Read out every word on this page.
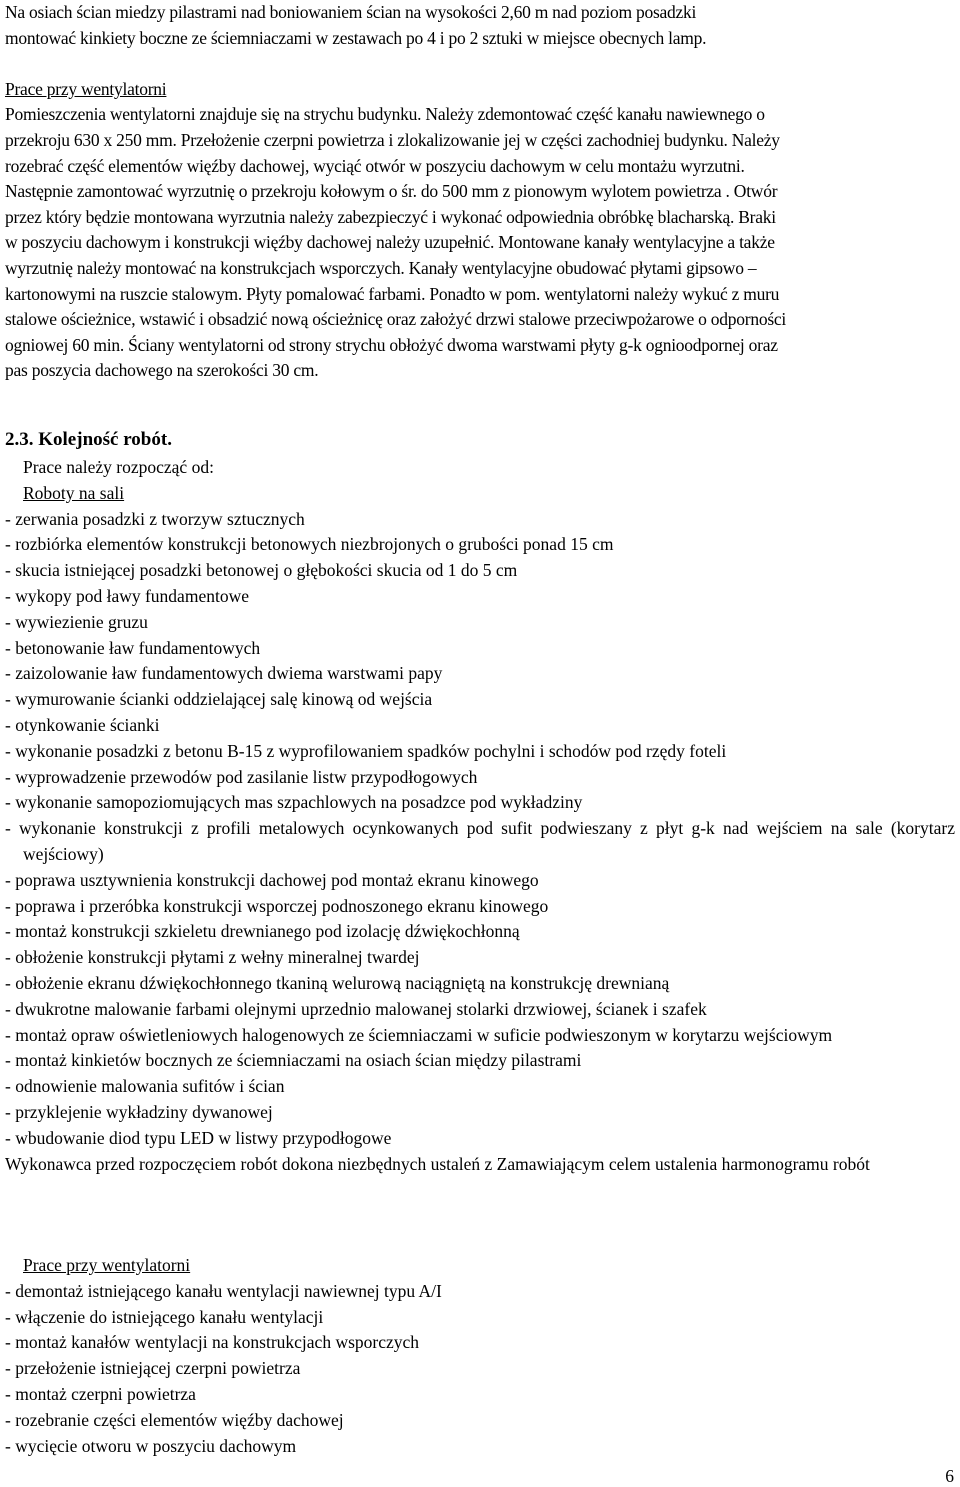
Na osiach ścian miedzy pilastrami nad boniowaniem ścian na wysokości 2,60 m nad poziom posadzki
montować kinkiety boczne ze ściemniaczami w zestawach po 4 i po 2 sztuki w miejsce obecnych lamp.
Prace przy wentylatorni
Pomieszczenia wentylatorni znajduje się na strychu budynku. Należy zdemontować część kanału nawiewnego o
przekroju 630 x 250 mm. Przełożenie czerpni powietrza i zlokalizowanie jej w części zachodniej budynku. Należy
rozebrać część elementów więźby dachowej, wyciąć otwór w poszyciu dachowym w celu montażu wyrzutni.
Następnie zamontować wyrzutnię o przekroju kołowym o śr. do 500 mm z pionowym wylotem powietrza . Otwór
przez który będzie montowana wyrzutnia należy zabezpieczyć i wykonać odpowiednia obróbkę blacharską. Braki
w poszyciu dachowym i konstrukcji więźby dachowej należy uzupełnić. Montowane kanały wentylacyjne a także
wyrzutnię należy montować na konstrukcjach wsporczych. Kanały wentylacyjne obudować płytami gipsowo –
kartonowymi na ruszcie stalowym. Płyty pomalować farbami. Ponadto w pom. wentylatorni należy wykuć z muru
stalowe ościeżnice, wstawić i obsadzić nową ościeżnicę oraz założyć drzwi stalowe przeciwpożarowe o odporności
ogniowej 60 min. Ściany wentylatorni od strony strychu obłożyć dwoma warstwami płyty g-k ognioodpornej oraz
pas poszycia dachowego na szerokości 30 cm.
2.3. Kolejność robót.
Prace należy rozpocząć od:
Roboty na sali
- zerwania posadzki z tworzyw sztucznych
- rozbiórka elementów konstrukcji betonowych niezbrojonych o grubości ponad 15 cm
- skucia istniejącej posadzki betonowej o głębokości skucia od 1 do 5 cm
- wykopy pod ławy fundamentowe
- wywiezienie gruzu
- betonowanie ław fundamentowych
- zaizolowanie ław fundamentowych dwiema warstwami papy
- wymurowanie ścianki oddzielającej salę kinową od wejścia
- otynkowanie ścianki
- wykonanie posadzki z betonu B-15 z wyprofilowaniem spadków pochylni i schodów pod rzędy foteli
- wyprowadzenie przewodów pod zasilanie listw przypodłogowych
- wykonanie samopoziomujących mas szpachlowych na posadzce pod wykładziny
- wykonanie konstrukcji z profili metalowych ocynkowanych pod sufit podwieszany z płyt g-k nad wejściem na sale (korytarz wejściowy)
- poprawa usztywnienia konstrukcji dachowej pod montaż ekranu kinowego
- poprawa i przeróbka konstrukcji wsporczej podnoszonego ekranu kinowego
- montaż konstrukcji szkieletu drewnianego pod izolację dźwiękochłonną
- obłożenie konstrukcji płytami z wełny mineralnej twardej
- obłożenie ekranu dźwiękochłonnego tkaniną welurową naciągniętą na konstrukcję drewnianą
- dwukrotne malowanie farbami olejnymi uprzednio malowanej stolarki drzwiowej, ścianek i szafek
- montaż opraw oświetleniowych halogenowych ze ściemniaczami w suficie podwieszonym w korytarzu wejściowym
- montaż kinkietów bocznych ze ściemniaczami na osiach ścian między pilastrami
- odnowienie malowania sufitów i ścian
- przyklejenie wykładziny dywanowej
- wbudowanie diod typu LED w listwy przypodłogowe
Wykonawca przed rozpoczęciem robót dokona niezbędnych ustaleń z Zamawiającym celem ustalenia harmonogramu robót
Prace przy wentylatorni
- demontaż istniejącego kanału wentylacji nawiewnej typu A/I
- włączenie do istniejącego kanału wentylacji
- montaż kanałów wentylacji na konstrukcjach wsporczych
- przełożenie istniejącej czerpni powietrza
- montaż czerpni powietrza
- rozebranie części elementów więźby dachowej
- wycięcie otworu w poszyciu dachowym
6
